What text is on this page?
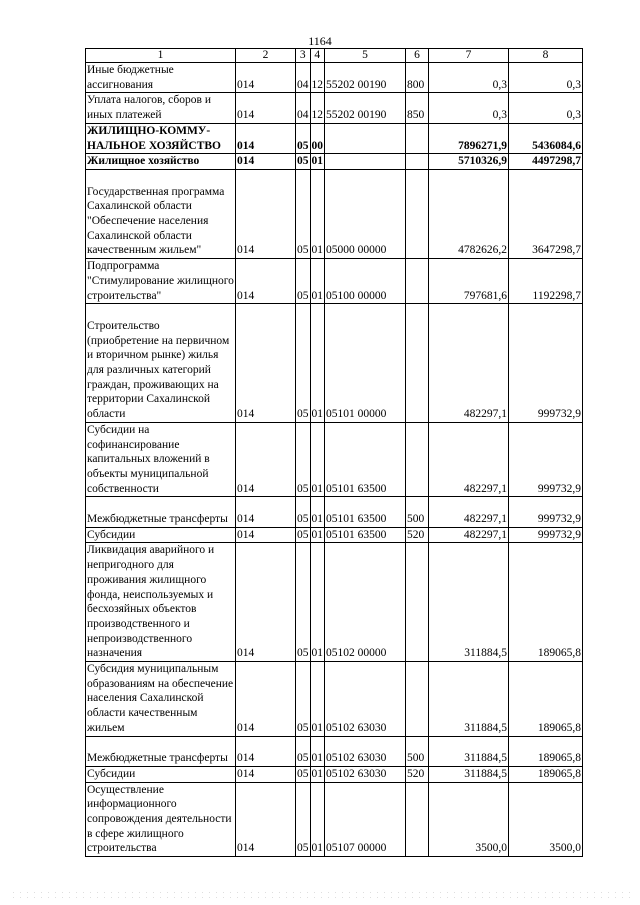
1164
1	2	3	4	5	6	7	8
Иные бюджетные ассигнования	014	04	12	55202 00190	800	0,3	0,3
Уплата налогов, сборов и иных платежей	014	04	12	55202 00190	850	0,3	0,3
ЖИЛИЩНО-КОММУ-НАЛЬНОЕ ХОЗЯЙСТВО	014	05	00			7896271,9	5436084,6
Жилищное хозяйство	014	05	01			5710326,9	4497298,7
Государственная программа Сахалинской области "Обеспечение населения Сахалинской области качественным жильем"	014	05	01	05000 00000		4782626,2	3647298,7
Подпрограмма "Стимулирование жилищного строительства"	014	05	01	05100 00000		797681,6	1192298,7
Строительство (приобретение на первичном и вторичном рынке) жилья для различных категорий граждан, проживающих на территории Сахалинской области	014	05	01	05101 00000		482297,1	999732,9
Субсидии на софинансирование капитальных вложений в объекты муниципальной собственности	014	05	01	05101 63500		482297,1	999732,9
Межбюджетные трансферты	014	05	01	05101 63500	500	482297,1	999732,9
Субсидии	014	05	01	05101 63500	520	482297,1	999732,9
Ликвидация аварийного и непригодного для проживания жилищного фонда, неиспользуемых и бесхозяйных объектов производственного и непроизводственного назначения	014	05	01	05102 00000		311884,5	189065,8
Субсидия муниципальным образованиям на обеспечение населения Сахалинской области качественным жильем	014	05	01	05102 63030		311884,5	189065,8
Межбюджетные трансферты	014	05	01	05102 63030	500	311884,5	189065,8
Субсидии	014	05	01	05102 63030	520	311884,5	189065,8
Осуществление информационного сопровождения деятельности в сфере жилищного строительства	014	05	01	05107 00000		3500,0	3500,0
